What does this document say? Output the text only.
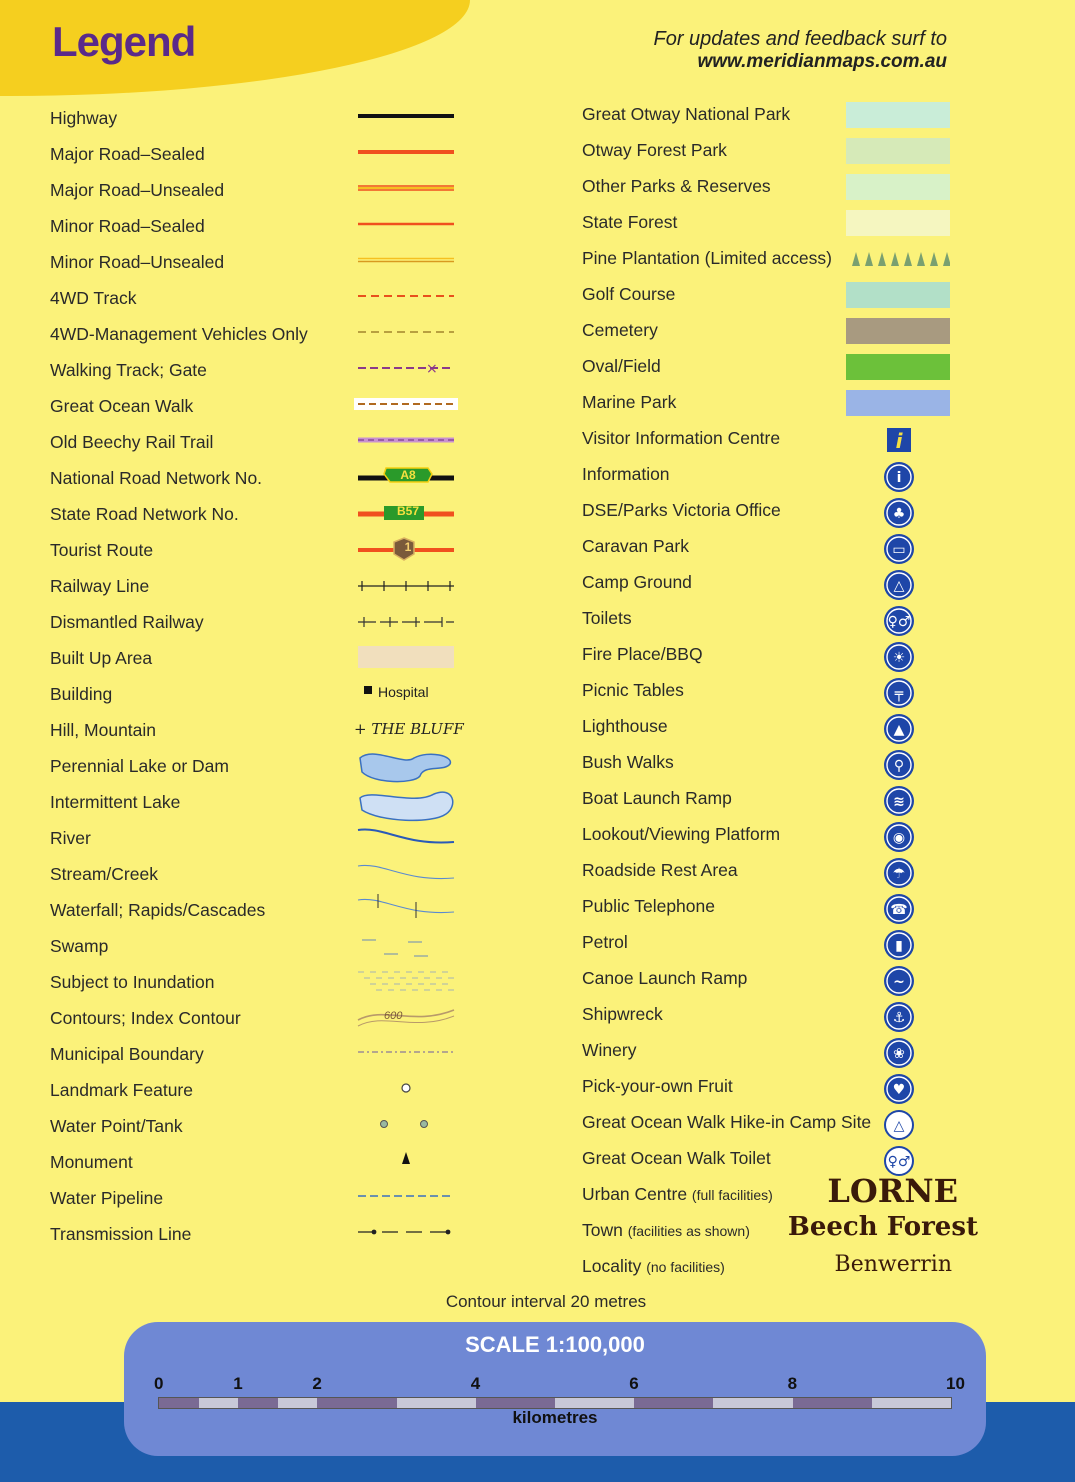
Legend	For updates and feedback surf to
www.meridianmaps.com.au
Highway
Major Road–Sealed
Major Road–Unsealed
Minor Road–Sealed
Minor Road–Unsealed
4WD Track
4WD-Management Vehicles Only
Walking Track; Gate	×
Great Ocean Walk
Old Beechy Rail Trail
National Road Network No.	A8
State Road Network No.	B57
Tourist Route	1
Railway Line
Dismantled Railway
Built Up Area
Building	Hospital
Hill, Mountain	+ THE BLUFF
Perennial Lake or Dam
Intermittent Lake
River
Stream/Creek
Waterfall; Rapids/Cascades
Swamp
Subject to Inundation
Contours; Index Contour	600
Municipal Boundary
Landmark Feature
Water Point/Tank
Monument
Water Pipeline
Transmission Line
Great Otway National Park
Otway Forest Park
Other Parks & Reserves
State Forest
Pine Plantation (Limited access)
Golf Course
Cemetery
Oval/Field
Marine Park
Visitor Information Centre	i
Information	i
DSE/Parks Victoria Office	♣
Caravan Park	▭
Camp Ground	△
Toilets	♀♂
Fire Place/BBQ	☀
Picnic Tables	╤
Lighthouse	▲
Bush Walks	⚲
Boat Launch Ramp	≋
Lookout/Viewing Platform	◉
Roadside Rest Area	☂
Public Telephone	☎
Petrol	▮
Canoe Launch Ramp	~
Shipwreck	⚓
Winery	❀
Pick-your-own Fruit	♥
Great Ocean Walk Hike-in Camp Site △
Great Ocean Walk Toilet	♀♂
Urban Centre (full facilities) LORNE
Town (facilities as shown) Beech Forest
Locality (no facilities)	Benwerrin
Contour interval 20 metres
SCALE 1:100,000
0	1	2	4	6	8	10
kilometres
